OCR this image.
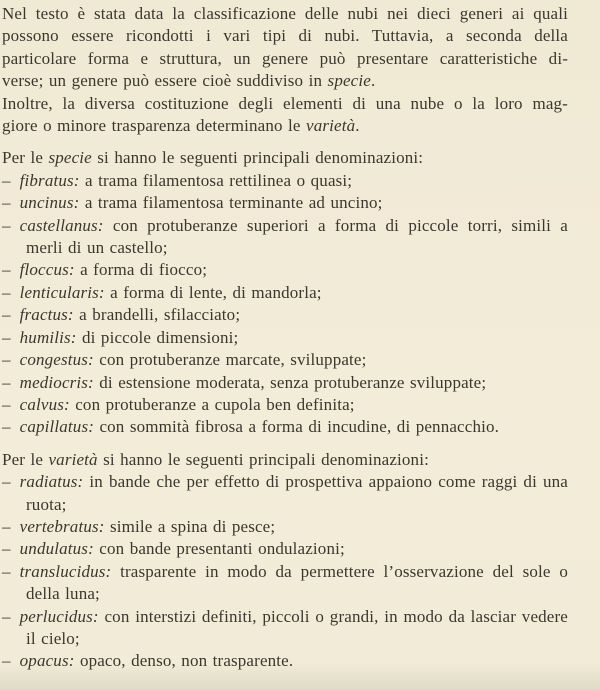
Nel testo è stata data la classificazione delle nubi nei dieci generi ai quali
possono essere ricondotti i vari tipi di nubi. Tuttavia, a seconda della
particolare forma e struttura, un genere può presentare caratteristiche di-
verse; un genere può essere cioè suddiviso in specie.
Inoltre, la diversa costituzione degli elementi di una nube o la loro mag-
giore o minore trasparenza determinano le varietà.

Per le specie si hanno le seguenti principali denominazioni:

– fibratus: a trama filamentosa rettilinea o quasi;
– uncinus: a trama filamentosa terminante ad uncino;
– castellanus: con protuberanze superiori a forma di piccole torri, simili a merli di un castello;
– floccus: a forma di fiocco;
– lenticularis: a forma di lente, di mandorla;
– fractus: a brandelli, sfilacciato;
– humilis: di piccole dimensioni;
– congestus: con protuberanze marcate, sviluppate;
– mediocris: di estensione moderata, senza protuberanze sviluppate;
– calvus: con protuberanze a cupola ben definita;
– capillatus: con sommità fibrosa a forma di incudine, di pennacchio.

Per le varietà si hanno le seguenti principali denominazioni:

– radiatus: in bande che per effetto di prospettiva appaiono come raggi di una ruota;
– vertebratus: simile a spina di pesce;
– undulatus: con bande presentanti ondulazioni;
– translucidus: trasparente in modo da permettere l’osservazione del sole o della luna;
– perlucidus: con interstizi definiti, piccoli o grandi, in modo da lasciar vedere il cielo;
– opacus: opaco, denso, non trasparente.
